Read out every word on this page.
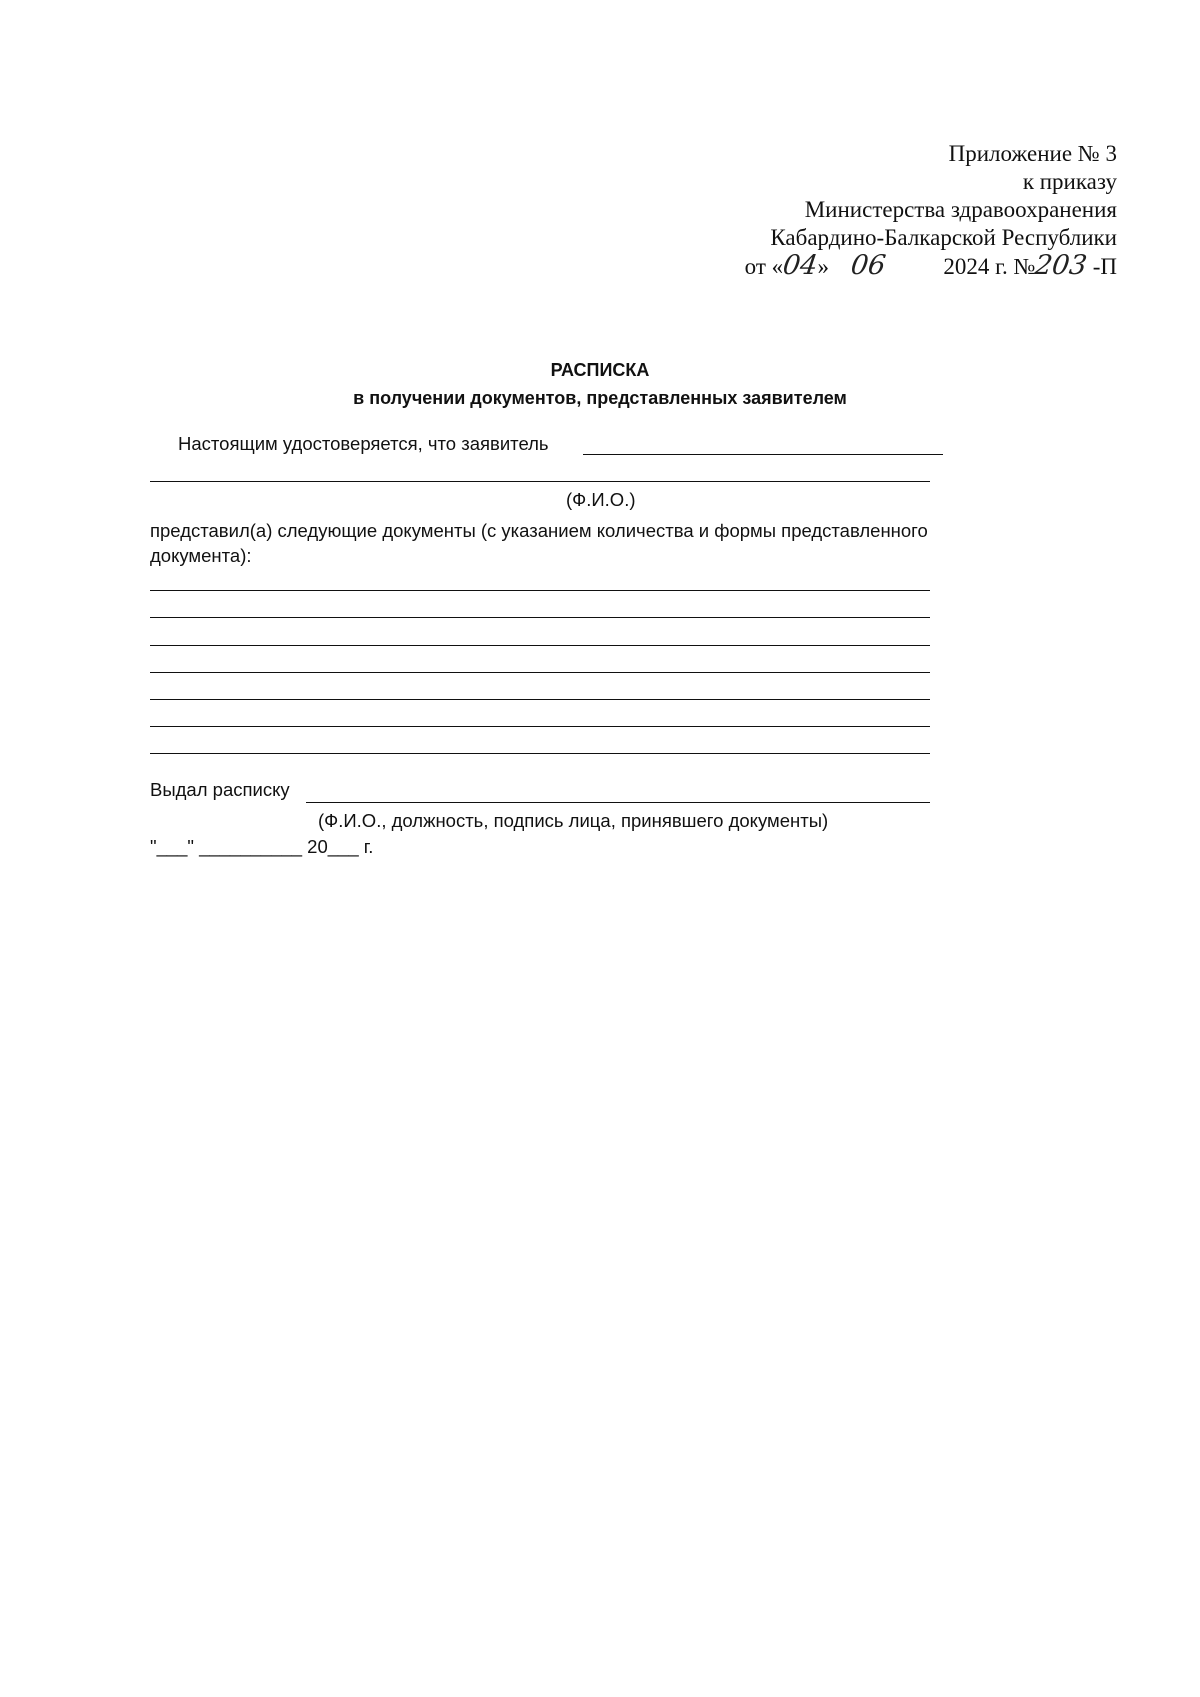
Приложение № 3
к приказу
Министерства здравоохранения
Кабардино-Балкарской Республики
от «04» 06 2024 г. №203 -П
РАСПИСКА
в получении документов, представленных заявителем
Настоящим удостоверяется, что заявитель
(Ф.И.О.)
представил(а) следующие документы (с указанием количества и формы представленного
документа):
Выдал расписку
(Ф.И.О., должность, подпись лица, принявшего документы)
"___" __________ 20___ г.
